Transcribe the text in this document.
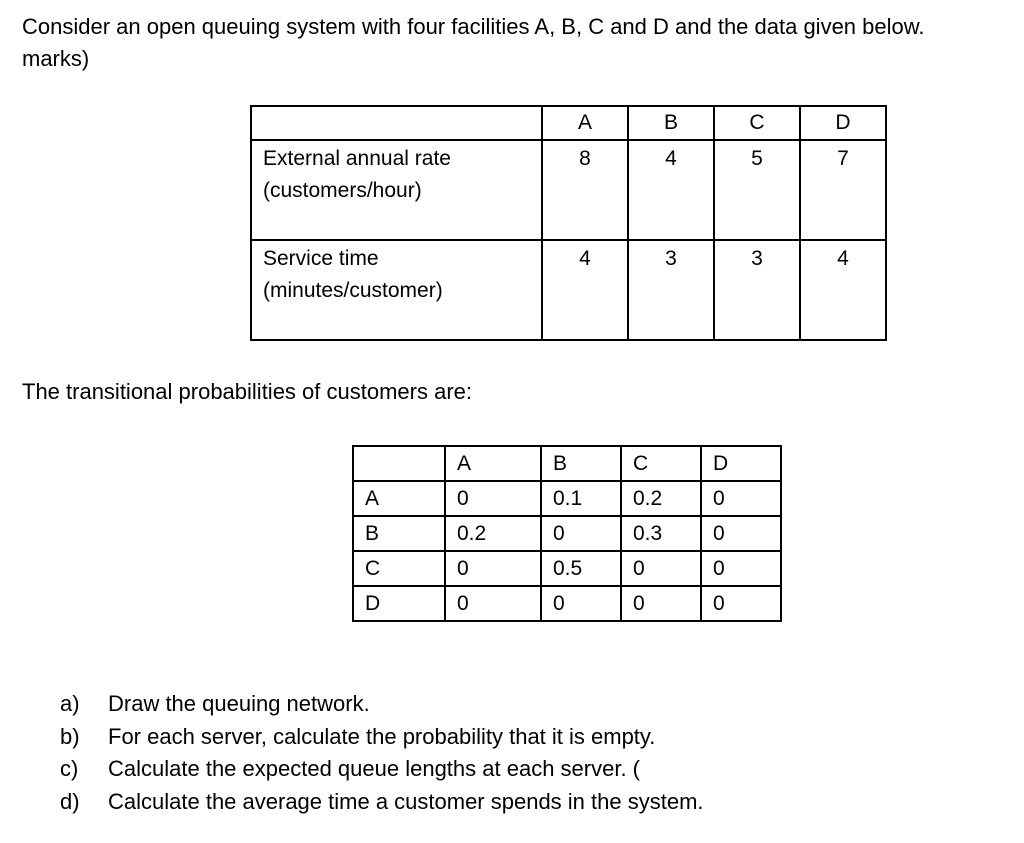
Consider an open queuing system with four facilities A, B, C and D and the data given below.
marks)
	A	B	C	D

External annual rate
(customers/hour)	8	4	5	7

Service time
(minutes/customer)	4	3	3	4
The transitional probabilities of customers are:
	A	B	C	D
A	0	0.1	0.2	0
B	0.2	0	0.3	0
C	0	0.5	0	0
D	0	0	0	0
a)	Draw the queuing network.
b)	For each server, calculate the probability that it is empty.
c)	Calculate the expected queue lengths at each server. (
d)	Calculate the average time a customer spends in the system.
